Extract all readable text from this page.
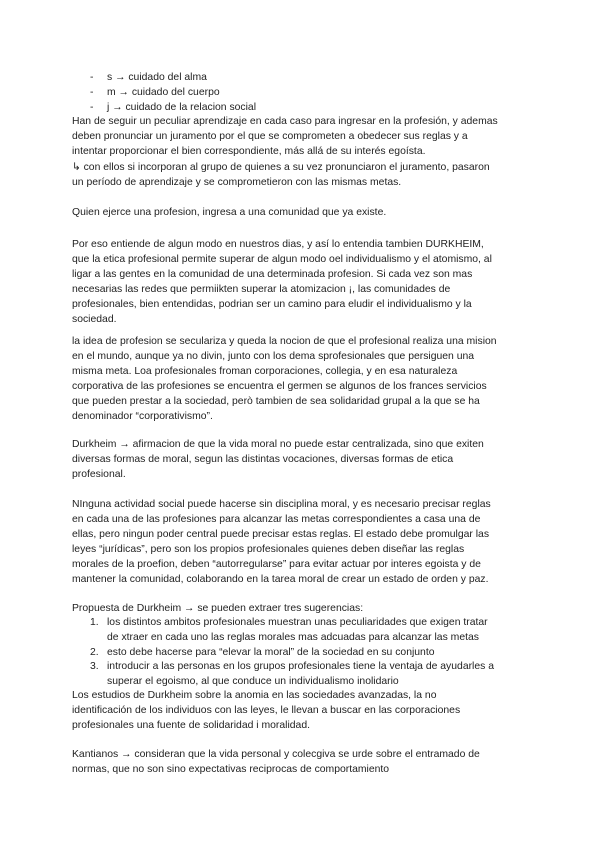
- s → cuidado del alma
- m → cuidado del cuerpo
- j → cuidado de la relacion social
Han de seguir un peculiar aprendizaje en cada caso para ingresar en la profesión, y ademas
deben pronunciar un juramento por el que se comprometen a obedecer sus reglas y a
intentar proporcionar el bien correspondiente, más allá de su interés egoísta.
↳ con ellos si incorporan al grupo de quienes a su vez pronunciaron el juramento, pasaron
un período de aprendizaje y se comprometieron con las mismas metas.
Quien ejerce una profesion, ingresa a una comunidad que ya existe.
Por eso entiende de algun modo en nuestros dias, y así lo entendia tambien DURKHEIM,
que la etica profesional permite superar de algun modo oel individualismo y el atomismo, al
ligar a las gentes en la comunidad de una determinada profesion. Si cada vez son mas
necesarias las redes que permiikten superar la atomizacion ¡, las comunidades de
profesionales, bien entendidas, podrian ser un camino para eludir el individualismo y la
sociedad.
la idea de profesion se seculariza y queda la nocion de que el profesional realiza una mision
en el mundo, aunque ya no divin, junto con los dema sprofesionales que persiguen una
misma meta. Loa profesionales froman corporaciones, collegia, y en esa naturaleza
corporativa de las profesiones se encuentra el germen se algunos de los frances servicios
que pueden prestar a la sociedad, però tambien de sea solidaridad grupal a la que se ha
denominador “corporativismo”.
Durkheim → afirmacion de que la vida moral no puede estar centralizada, sino que exiten
diversas formas de moral, segun las distintas vocaciones, diversas formas de etica
profesional.
NInguna actividad social puede hacerse sin disciplina moral, y es necesario precisar reglas
en cada una de las profesiones para alcanzar las metas correspondientes a casa una de
ellas, pero ningun poder central puede precisar estas reglas. El estado debe promulgar las
leyes “jurídicas”, pero son los propios profesionales quienes deben diseñar las reglas
morales de la proefion, deben “autorregularse” para evitar actuar por interes egoista y de
mantener la comunidad, colaborando en la tarea moral de crear un estado de orden y paz.
Propuesta de Durkheim → se pueden extraer tres sugerencias:
1. los distintos ambitos profesionales muestran unas peculiaridades que exigen tratar
de xtraer en cada uno las reglas morales mas adcuadas para alcanzar las metas
2. esto debe hacerse para “elevar la moral” de la sociedad en su conjunto
3. introducir a las personas en los grupos profesionales tiene la ventaja de ayudarles a
superar el egoismo, al que conduce un individualismo inolidario
Los estudios de Durkheim sobre la anomia en las sociedades avanzadas, la no
identificación de los individuos con las leyes, le llevan a buscar en las corporaciones
profesionales una fuente de solidaridad i moralidad.
Kantianos → consideran que la vida personal y colecgiva se urde sobre el entramado de
normas, que no son sino expectativas reciprocas de comportamiento
